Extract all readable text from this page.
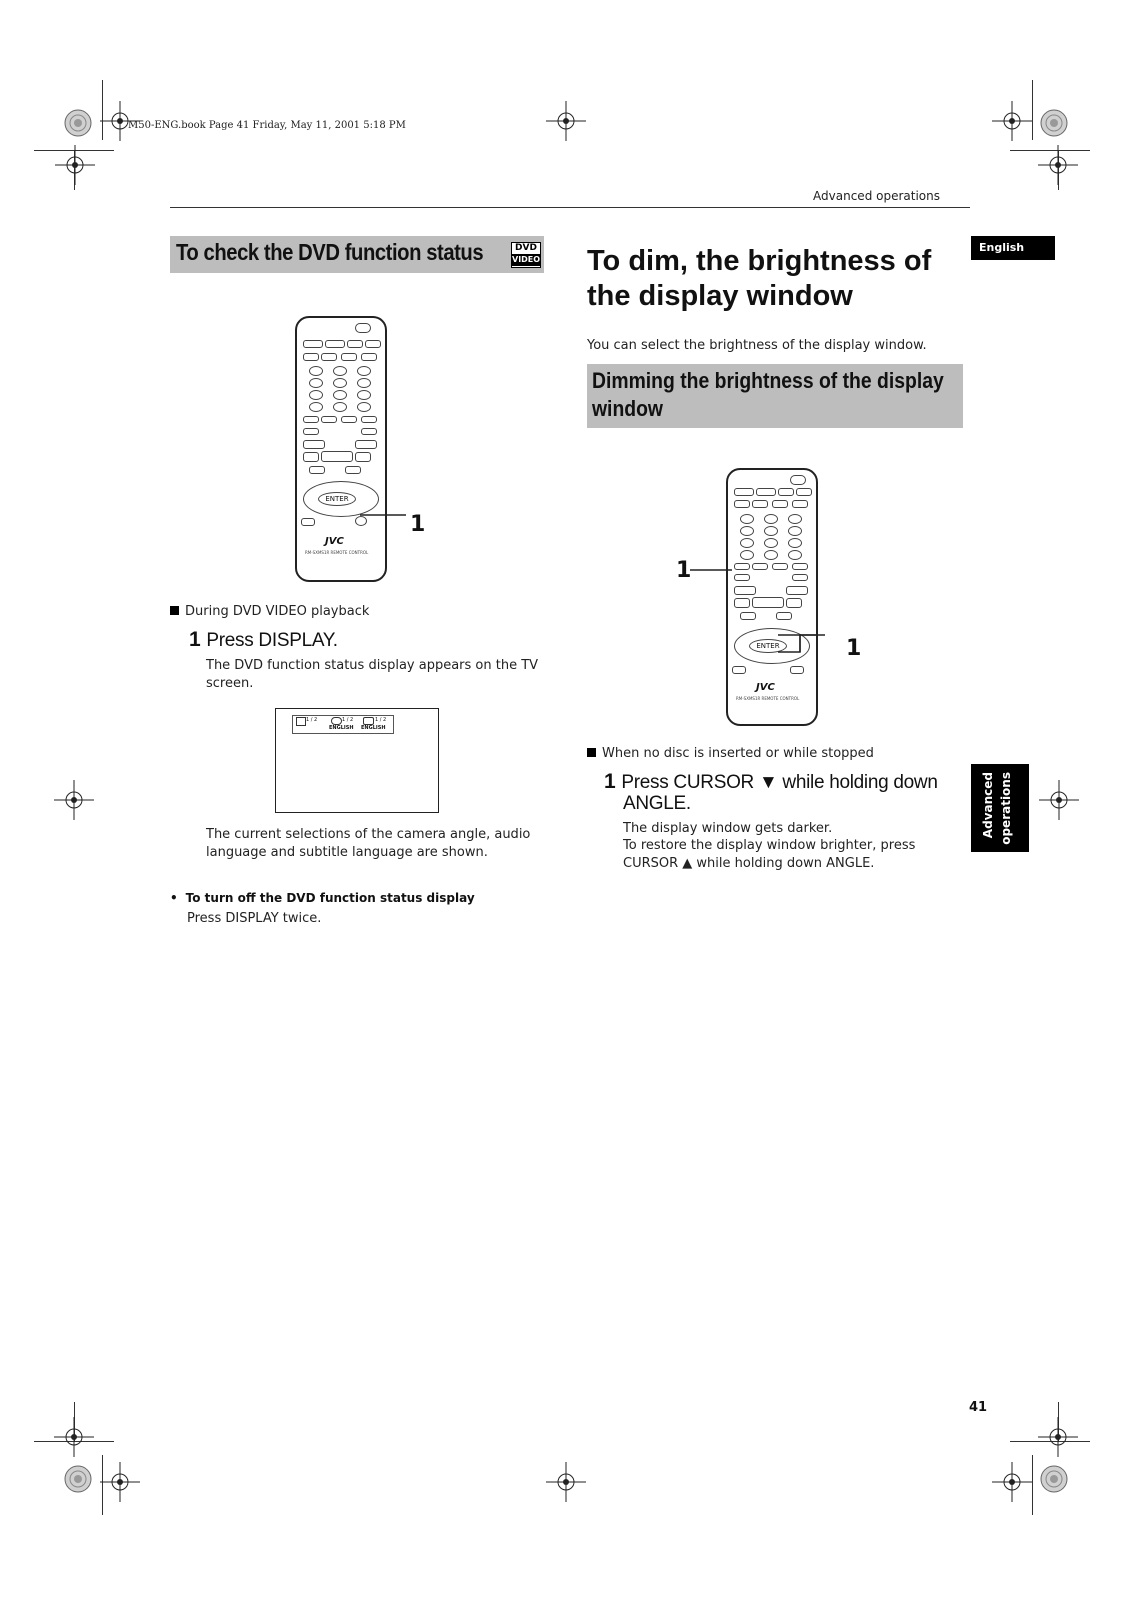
M50-ENG.book Page 41 Friday, May 11, 2001 5:18 PM
Advanced operations
English
To check the DVD function status	DVD
VIDEO
ENTER
JVC
RM-SXMS1R REMOTE CONTROL
1
During DVD VIDEO playback
1 Press DISPLAY.
The DVD function status display appears on the TV screen.
1 / 2	1 / 2	1 / 2
ENGLISH ENGLISH
The current selections of the camera angle, audio language and subtitle language are shown.
• To turn off the DVD function status display
Press DISPLAY twice.
To dim, the brightness of the display window
You can select the brightness of the display window.
Dimming the brightness of the display window
ENTER
JVC
RM-SXMS1R REMOTE CONTROL
1
1
When no disc is inserted or while stopped
1 Press CURSOR ▼ while holding down
ANGLE.
The display window gets darker.
To restore the display window brighter, press CURSOR ▲ while holding down ANGLE.
Advanced operations
41
